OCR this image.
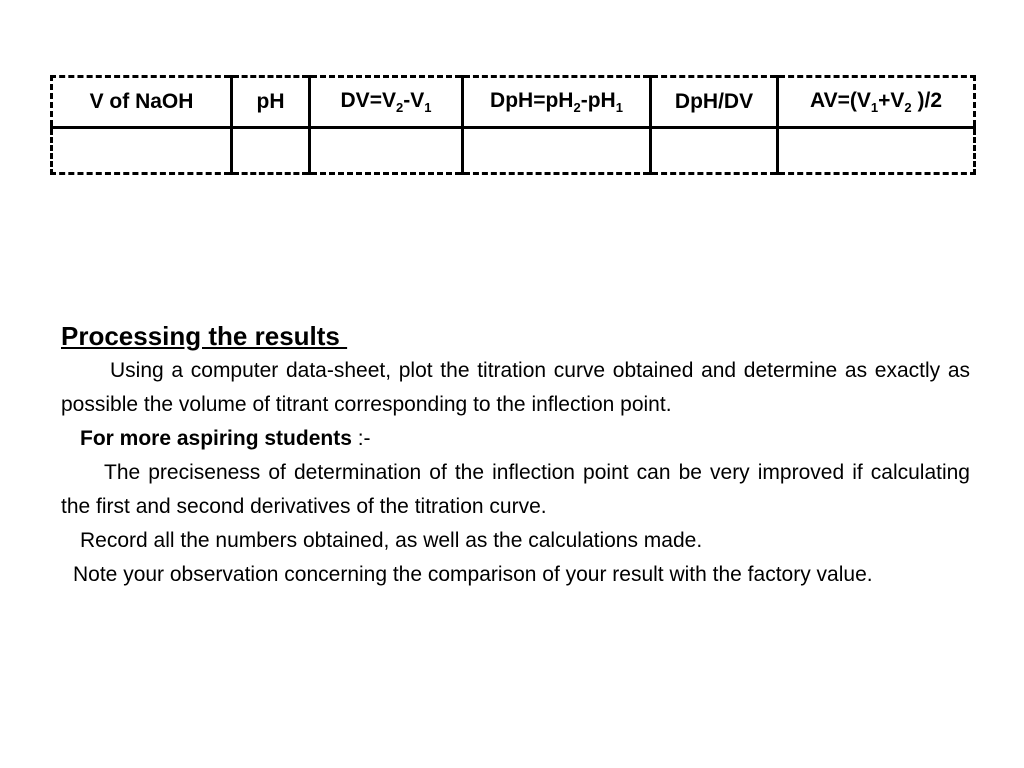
V of NaOH	pH	$DV=V_2-V_1$	$DpH=pH_2-pH_1$	DpH/DV	$AV=(V_1+V_2$ )/2

Processing the results

Using a computer data-sheet, plot the titration curve obtained and determine as exactly as possible the volume of titrant corresponding to the inflection point.

For more aspiring students :-

The preciseness of determination of the inflection point can be very improved if calculating the first and second derivatives of the titration curve.

Record all the numbers obtained, as well as the calculations made.

Note your observation concerning the comparison of your result with the factory value.
